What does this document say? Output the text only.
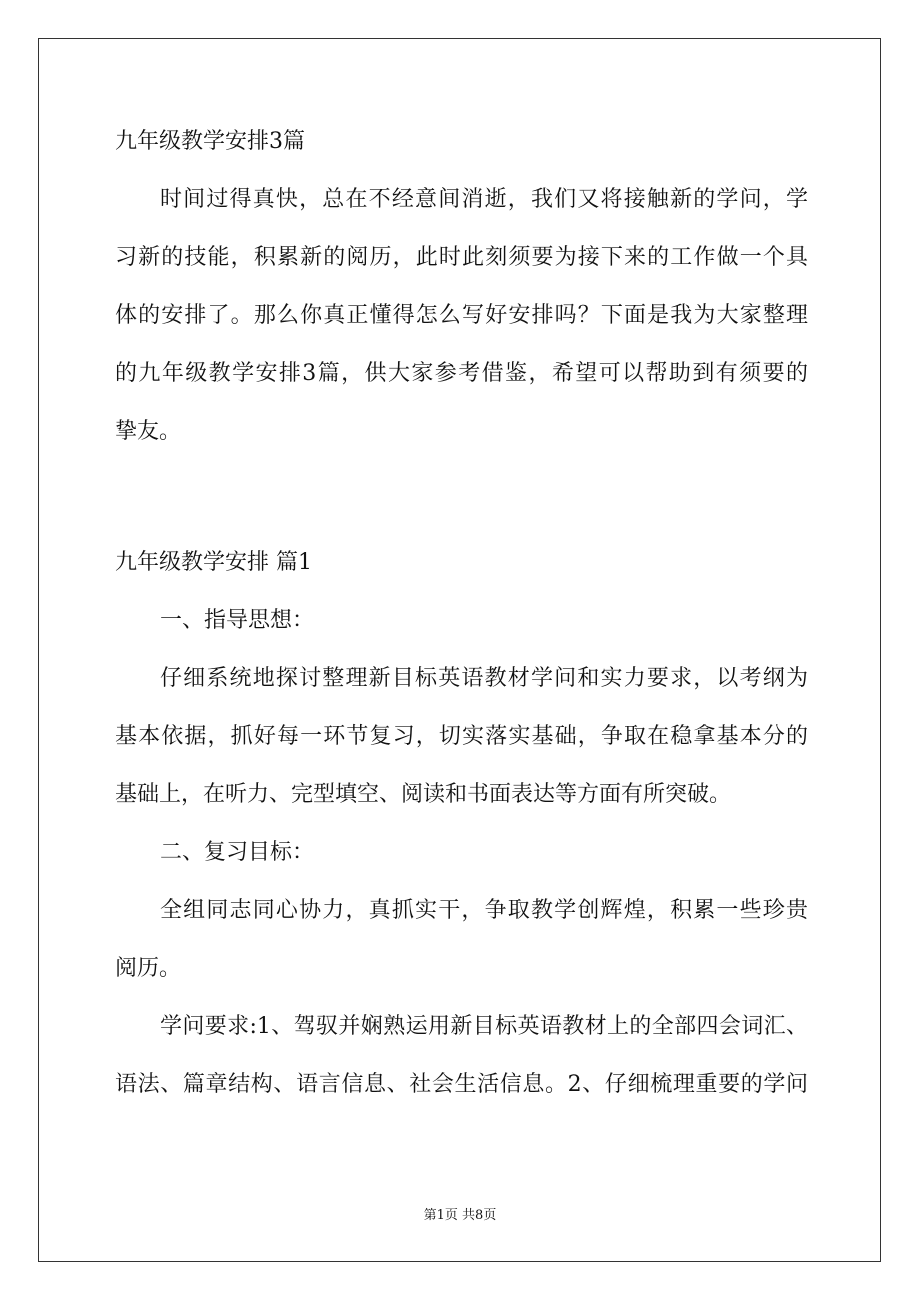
九年级教学安排3篇
时间过得真快，总在不经意间消逝，我们又将接触新的学问，学
习新的技能，积累新的阅历，此时此刻须要为接下来的工作做一个具
体的安排了。那么你真正懂得怎么写好安排吗？下面是我为大家整理
的九年级教学安排3篇，供大家参考借鉴，希望可以帮助到有须要的
挚友。
九年级教学安排 篇1
一、指导思想：
仔细系统地探讨整理新目标英语教材学问和实力要求，以考纲为
基本依据，抓好每一环节复习，切实落实基础，争取在稳拿基本分的
基础上，在听力、完型填空、阅读和书面表达等方面有所突破。
二、复习目标：
全组同志同心协力，真抓实干，争取教学创辉煌，积累一些珍贵
阅历。
学问要求:1、驾驭并娴熟运用新目标英语教材上的全部四会词汇、
语法、篇章结构、语言信息、社会生活信息。2、仔细梳理重要的学问
第1页 共8页
